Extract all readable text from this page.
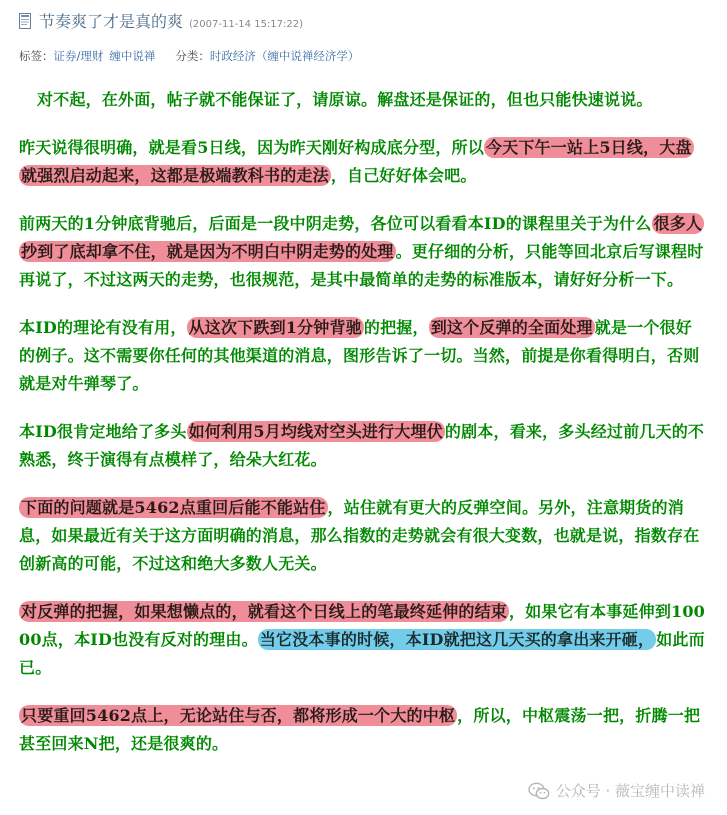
节奏爽了才是真的爽 (2007-11-14 15:17:22)
标签：证券/理财 缠中说禅 分类：时政经济（缠中说禅经济学）

对不起，在外面，帖子就不能保证了，请原谅。解盘还是保证的，但也只能快速说说。

昨天说得很明确，就是看5日线，因为昨天刚好构成底分型，所以 今天下午一站上5日线，大盘就强烈启动起来，这都是极端教科书的走法 ，自己好好体会吧。

前两天的1分钟底背驰后，后面是一段中阴走势，各位可以看看本ID的课程里关于为什么 很多人抄到了底却拿不住，就是因为不明白中阴走势的处理 。更仔细的分析，只能等回北京后写课程时再说了，不过这两天的走势，也很规范，是其中最简单的走势的标准版本，请好好分析一下。

本ID的理论有没有用， 从这次下跌到1分钟背驰 的把握， 到这个反弹的全面处理 就是一个很好的例子。这不需要你任何的其他渠道的消息，图形告诉了一切。当然，前提是你看得明白，否则就是对牛弹琴了。

本ID很肯定地给了多头 如何利用5月均线对空头进行大埋伏 的剧本，看来，多头经过前几天的不熟悉，终于演得有点模样了，给朵大红花。

下面的问题就是5462点重回后能不能站住 ，站住就有更大的反弹空间。另外，注意期货的消息，如果最近有关于这方面明确的消息，那么指数的走势就会有很大变数，也就是说，指数存在创新高的可能，不过这和绝大多数人无关。

对反弹的把握，如果想懒点的，就看这个日线上的笔最终延伸的结束 ，如果它有本事延伸到10000点，本ID也没有反对的理由。 当它没本事的时候，本ID就把这几天买的拿出来开砸， 如此而已。

只要重回5462点上，无论站住与否，都将形成一个大的中枢 ，所以，中枢震荡一把，折腾一把甚至回来N把，还是很爽的。

公众号 · 薇宝缠中读禅
